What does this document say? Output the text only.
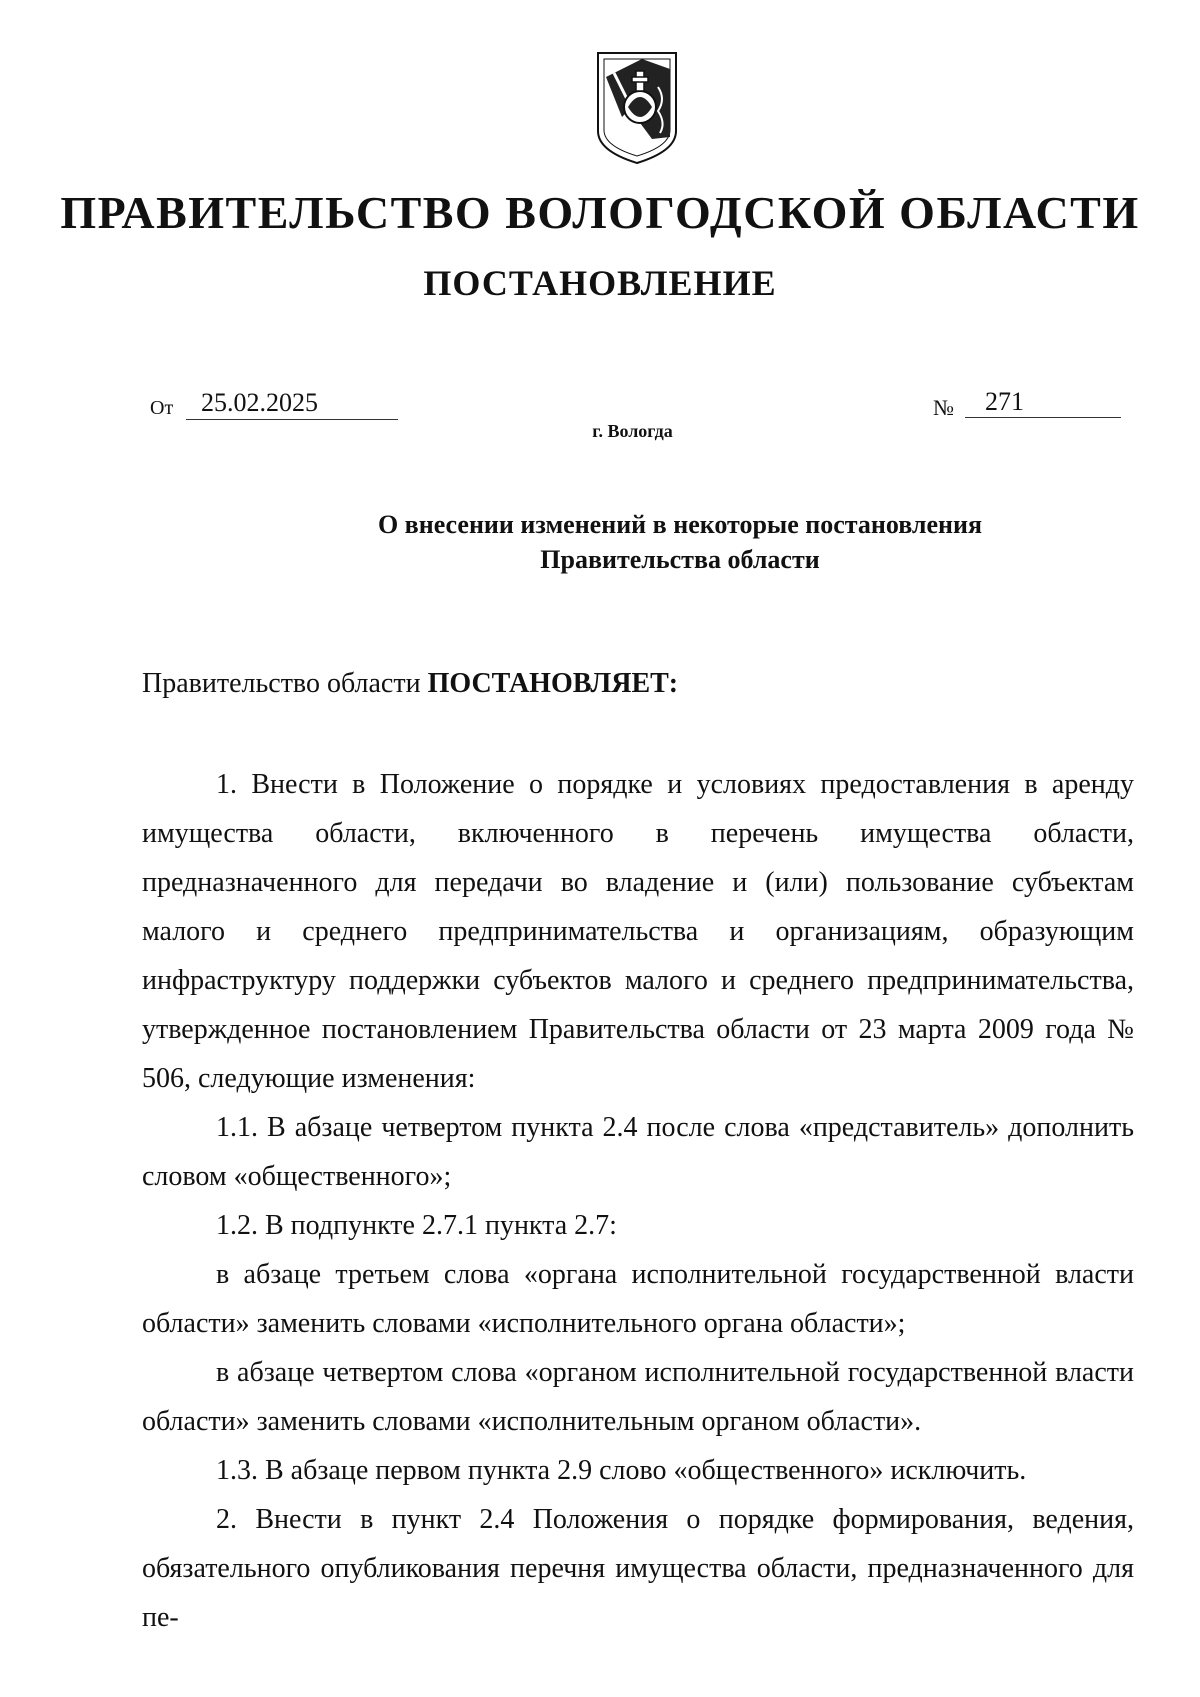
ПРАВИТЕЛЬСТВО ВОЛОГОДСКОЙ ОБЛАСТИ
ПОСТАНОВЛЕНИЕ
От	25.02.2025	№	271
г. Вологда
О внесении изменений в некоторые постановления
Правительства области
Правительство области ПОСТАНОВЛЯЕТ:

1. Внести в Положение о порядке и условиях предоставления в аренду имущества области, включенного в перечень имущества области, предназначенного для передачи во владение и (или) пользование субъектам малого и среднего предпринимательства и организациям, образующим инфраструктуру поддержки субъектов малого и среднего предпринимательства, утвержденное постановлением Правительства области от 23 марта 2009 года № 506, следующие изменения:

1.1. В абзаце четвертом пункта 2.4 после слова «представитель» дополнить словом «общественного»;

1.2. В подпункте 2.7.1 пункта 2.7:

в абзаце третьем слова «органа исполнительной государственной власти области» заменить словами «исполнительного органа области»;

в абзаце четвертом слова «органом исполнительной государственной власти области» заменить словами «исполнительным органом области».

1.3. В абзаце первом пункта 2.9 слово «общественного» исключить.

2. Внести в пункт 2.4 Положения о порядке формирования, ведения, обязательного опубликования перечня имущества области, предназначенного для пе-
